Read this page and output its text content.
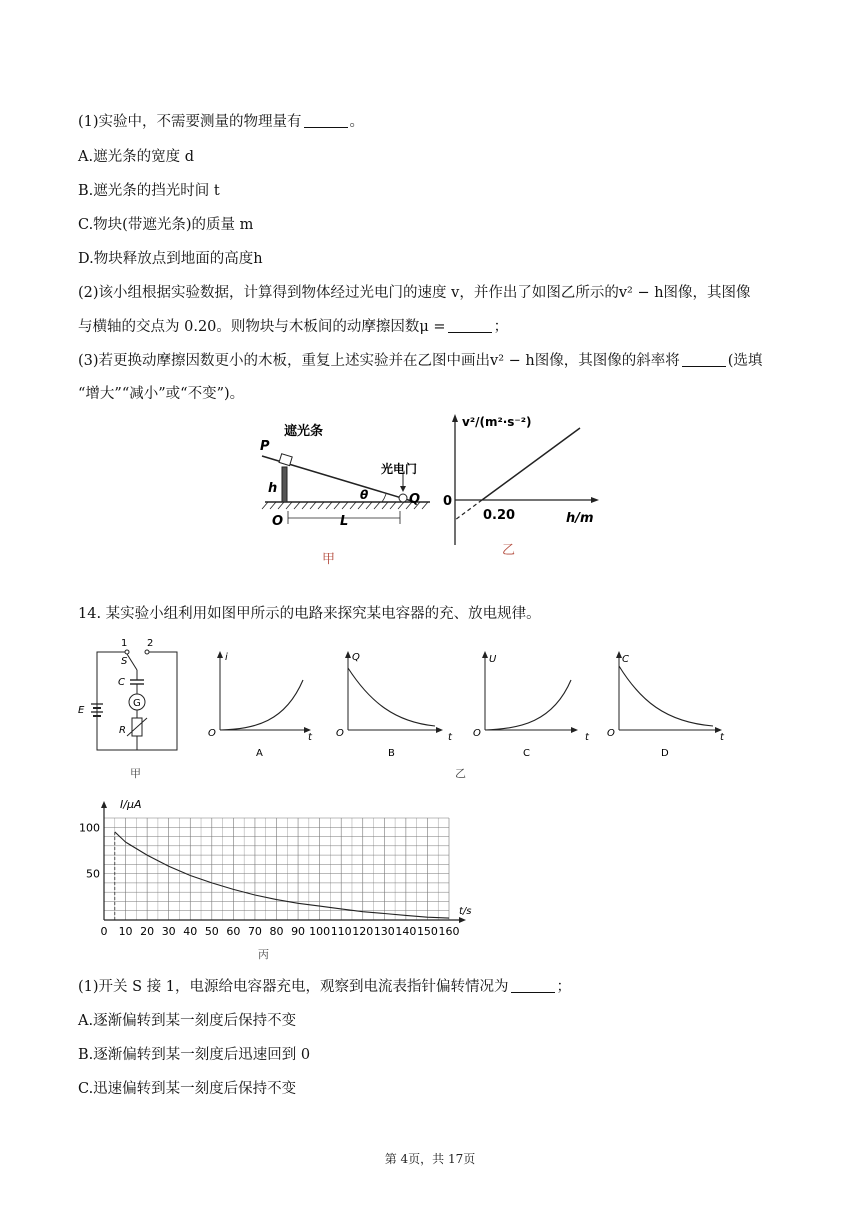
(1)实验中，不需要测量的物理量有	。
A.遮光条的宽度 d
B.遮光条的挡光时间 t
C.物块(带遮光条)的质量 m
D.物块释放点到地面的高度h
(2)该小组根据实验数据，计算得到物体经过光电门的速度 v，并作出了如图乙所示的v² − h图像，其图像
与横轴的交点为 0.20。则物块与木板间的动摩擦因数μ =	；
(3)若更换动摩擦因数更小的木板，重复上述实验并在乙图中画出v² − h图像，其图像的斜率将	(选填
“增大”“减小”或“不变”)。
P
遮光条
h
O	L
θ
光电门
Q
甲
v²/(m²·s⁻²)
0
0.20	h/m
乙
14. 某实验小组利用如图甲所示的电路来探究某电容器的充、放电规律。
1 2
S
C
G
E
R
甲
i
O	t
A
Q
O	t
B
U
O	t
C
C
O	t
D
乙
0 10 20 30 40 50 60 70 80 90 100 110 120 130 140 150 160
50
100
I/μA
t/s
丙
(1)开关 S 接 1，电源给电容器充电，观察到电流表指针偏转情况为	；
A.逐渐偏转到某一刻度后保持不变
B.逐渐偏转到某一刻度后迅速回到 0
C.迅速偏转到某一刻度后保持不变
第 4页，共 17页
